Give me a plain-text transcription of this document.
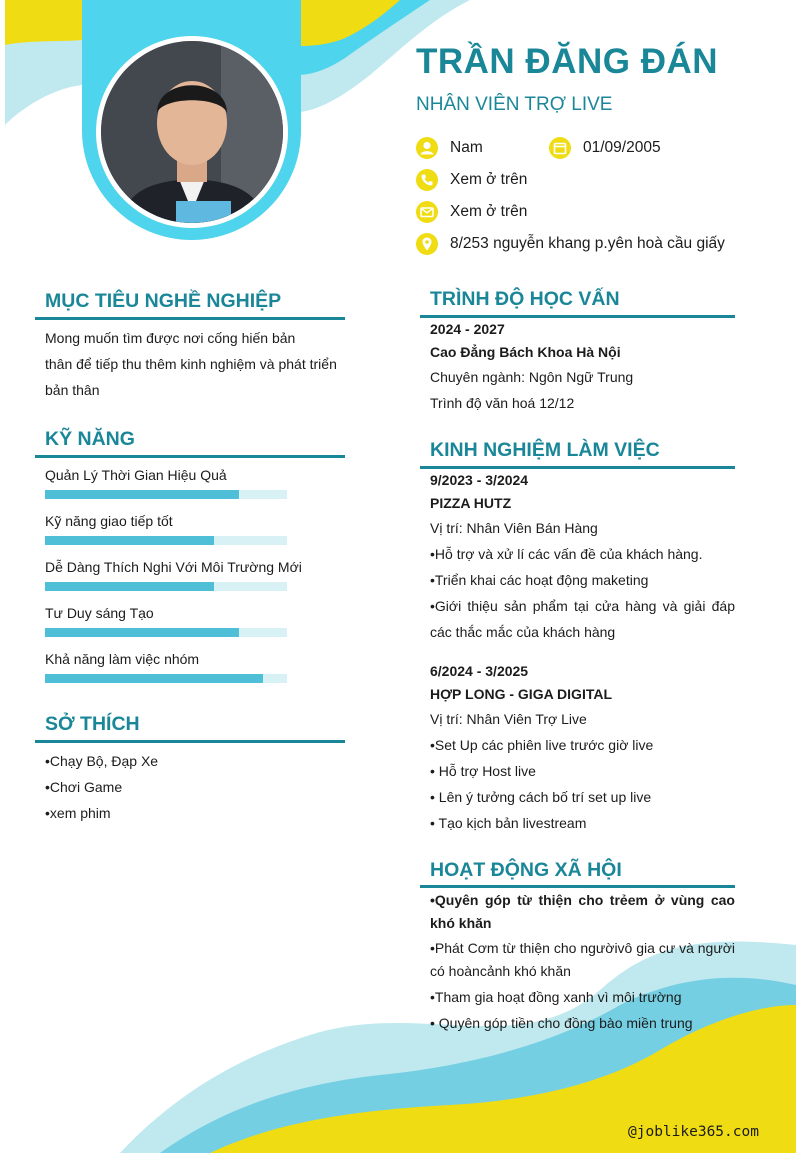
TRẦN ĐĂNG ĐÁN
NHÂN VIÊN TRỢ LIVE
Nam	01/09/2005
Xem ở trên
Xem ở trên
8/253 nguyễn khang p.yên hoà cầu giấy
MỤC TIÊU NGHỀ NGHIỆP
Mong muốn tìm được nơi cống hiến bản
thân để tiếp thu thêm kinh nghiệm và phát triển
bản thân
KỸ NĂNG
Quản Lý Thời Gian Hiệu Quả
Kỹ năng giao tiếp tốt
Dễ Dàng Thích Nghi Với Môi Trường Mới
Tư Duy sáng Tạo
Khả năng làm việc nhóm
SỞ THÍCH
•Chạy Bộ, Đạp Xe
•Chơi Game
•xem phim
TRÌNH ĐỘ HỌC VẤN
2024 - 2027
Cao Đẳng Bách Khoa Hà Nội
Chuyên ngành: Ngôn Ngữ Trung
Trình độ văn hoá 12/12
KINH NGHIỆM LÀM VIỆC
9/2023 - 3/2024
PIZZA HUTZ
Vị trí: Nhân Viên Bán Hàng
•Hỗ trợ và xử lí các vấn đề của khách hàng.
•Triển khai các hoạt động maketing
•Giới thiệu sản phẩm tại cửa hàng và giải đáp các thắc mắc của khách hàng
6/2024 - 3/2025
HỢP LONG - GIGA DIGITAL
Vị trí: Nhân Viên Trợ Live
•Set Up các phiên live trước giờ live
• Hỗ trợ Host live
• Lên ý tưởng cách bố trí set up live
• Tạo kịch bản livestream
HOẠT ĐỘNG XÃ HỘI
•Quyên góp từ thiện cho trẻem ở vùng cao khó khăn
•Phát Cơm từ thiện cho ngườivô gia cư và người có hoàncảnh khó khăn
•Tham gia hoạt đồng xanh vì môi trường
• Quyên góp tiền cho đồng bào miền trung
@joblike365.com
